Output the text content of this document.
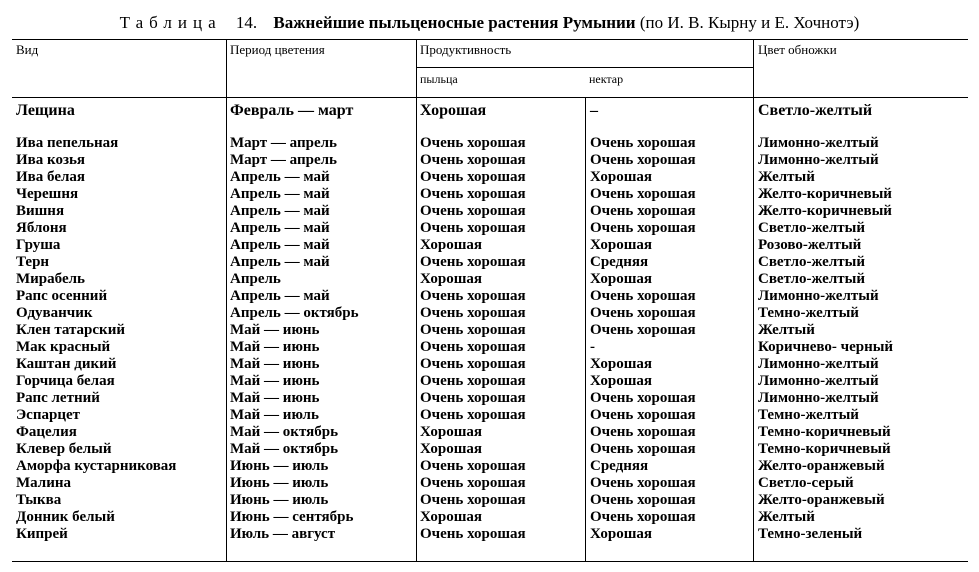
Таблица 14. Важнейшие пыльценосные растения Румынии (по И. В. Кырну и Е. Хочнотэ)
Вид	Период цветения	Продуктивность	Цвет обножки
пыльца	нектар
Лещина	Февраль — март	Хорошая	–	Светло-желтый
Ива пепельная	Март — апрель	Очень хорошая	Очень хорошая	Лимонно-желтый
Ива козья	Март — апрель	Очень хорошая	Очень хорошая	Лимонно-желтый
Ива белая	Апрель — май	Очень хорошая	Хорошая	Желтый
Черешня	Апрель — май	Очень хорошая	Очень хорошая	Желто-коричневый
Вишня	Апрель — май	Очень хорошая	Очень хорошая	Желто-коричневый
Яблоня	Апрель — май	Очень хорошая	Очень хорошая	Светло-желтый
Груша	Апрель — май	Хорошая	Хорошая	Розово-желтый
Терн	Апрель — май	Очень хорошая	Средняя	Светло-желтый
Мирабель	Апрель	Хорошая	Хорошая	Светло-желтый
Рапс осенний	Апрель — май	Очень хорошая	Очень хорошая	Лимонно-желтый
Одуванчик	Апрель — октябрь	Очень хорошая	Очень хорошая	Темно-желтый
Клен татарский	Май — июнь	Очень хорошая	Очень хорошая	Желтый
Мак красный	Май — июнь	Очень хорошая	-	Коричнево- черный
Каштан дикий	Май — июнь	Очень хорошая	Хорошая	Лимонно-желтый
Горчица белая	Май — июнь	Очень хорошая	Хорошая	Лимонно-желтый
Рапс летний	Май — июнь	Очень хорошая	Очень хорошая	Лимонно-желтый
Эспарцет	Май — июль	Очень хорошая	Очень хорошая	Темно-желтый
Фацелия	Май — октябрь	Хорошая	Очень хорошая	Темно-коричневый
Клевер белый	Май — октябрь	Хорошая	Очень хорошая	Темно-коричневый
Аморфа кустарниковая	Июнь — июль	Очень хорошая	Средняя	Желто-оранжевый
Малина	Июнь — июль	Очень хорошая	Очень хорошая	Светло-серый
Тыква	Июнь — июль	Очень хорошая	Очень хорошая	Желто-оранжевый
Донник белый	Июнь — сентябрь	Хорошая	Очень хорошая	Желтый
Кипрей	Июль — август	Очень хорошая	Хорошая	Темно-зеленый
